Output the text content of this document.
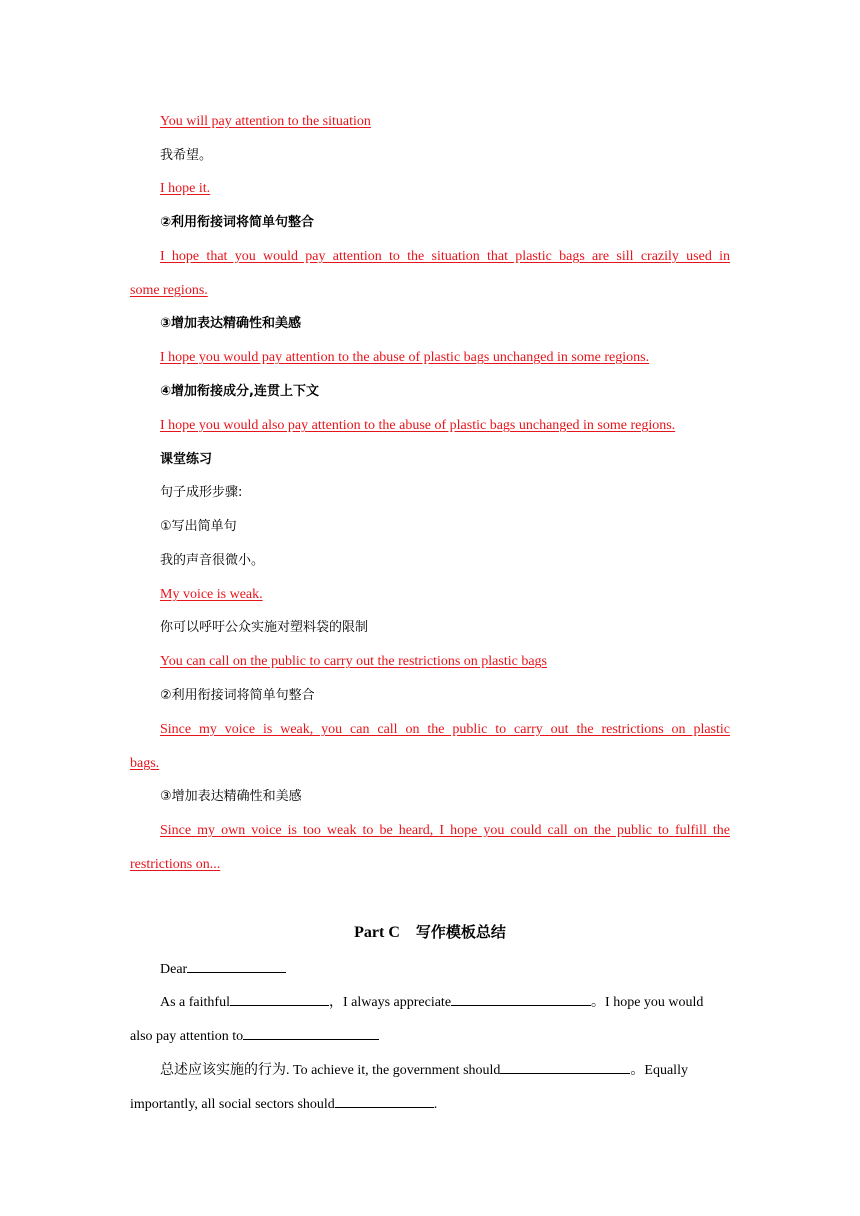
You will pay attention to the situation
我希望。
I hope it.
②利用衔接词将简单句整合
I hope that you would pay attention to the situation that plastic bags are sill crazily used in
some regions.
③增加表达精确性和美感
I hope you would pay attention to the abuse of plastic bags unchanged in some regions.
④增加衔接成分,连贯上下文
I hope you would also pay attention to the abuse of plastic bags unchanged in some regions.
课堂练习
句子成形步骤:
①写出简单句
我的声音很微小。
My voice is weak.
你可以呼吁公众实施对塑料袋的限制
You can call on the public to carry out the restrictions on plastic bags
②利用衔接词将简单句整合
Since my voice is weak, you can call on the public to carry out the restrictions on plastic
bags.
③增加表达精确性和美感
Since my own voice is too weak to be heard, I hope you could call on the public to fulfill the
restrictions on...
Part C 写作模板总结
Dear
As a faithful	，I always appreciate	。I hope you would
also pay attention to
总述应该实施的行为. To achieve it, the government should	。Equally
importantly, all social sectors should	.
